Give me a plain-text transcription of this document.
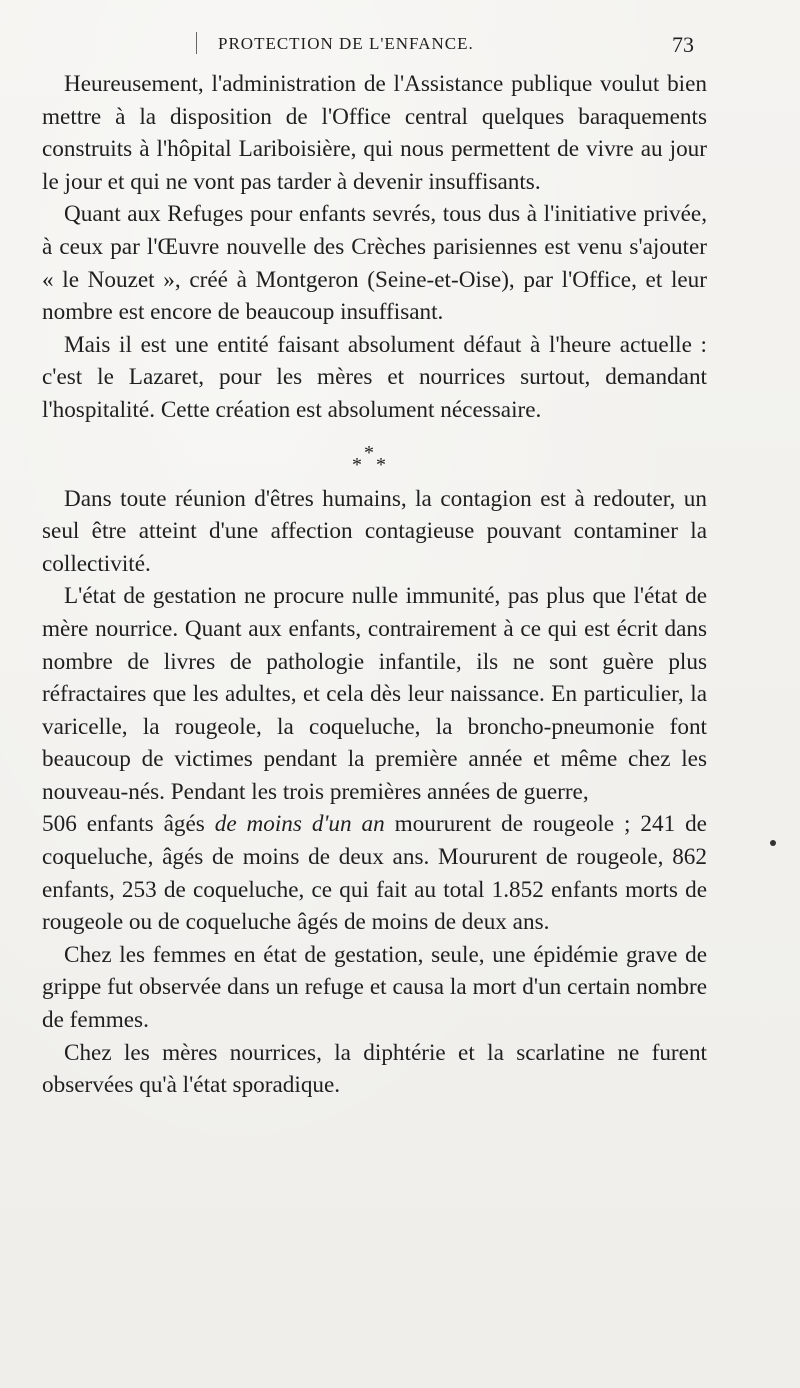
PROTECTION DE L'ENFANCE.	73

Heureusement, l'administration de l'Assistance publique voulut bien mettre à la disposition de l'Office central quelques baraquements construits à l'hôpital Lariboisière, qui nous permettent de vivre au jour le jour et qui ne vont pas tarder à devenir insuffisants.

Quant aux Refuges pour enfants sevrés, tous dus à l'initiative privée, à ceux par l'Œuvre nouvelle des Crèches parisiennes est venu s'ajouter « le Nouzet », créé à Montgeron (Seine-et-Oise), par l'Office, et leur nombre est encore de beaucoup insuffisant.

Mais il est une entité faisant absolument défaut à l'heure actuelle : c'est le Lazaret, pour les mères et nourrices surtout, demandant l'hospitalité. Cette création est absolument nécessaire.

*
* *

Dans toute réunion d'êtres humains, la contagion est à redouter, un seul être atteint d'une affection contagieuse pouvant contaminer la collectivité.

L'état de gestation ne procure nulle immunité, pas plus que l'état de mère nourrice. Quant aux enfants, contrairement à ce qui est écrit dans nombre de livres de pathologie infantile, ils ne sont guère plus réfractaires que les adultes, et cela dès leur naissance. En particulier, la varicelle, la rougeole, la coqueluche, la broncho-pneumonie font beaucoup de victimes pendant la première année et même chez les nouveau-nés. Pendant les trois premières années de guerre,

506 enfants âgés de moins d'un an moururent de rougeole ; 241 de coqueluche, âgés de moins de deux ans. Moururent de rougeole, 862 enfants, 253 de coqueluche, ce qui fait au total 1.852 enfants morts de rougeole ou de coqueluche âgés de moins de deux ans.

Chez les femmes en état de gestation, seule, une épidémie grave de grippe fut observée dans un refuge et causa la mort d'un certain nombre de femmes.

Chez les mères nourrices, la diphtérie et la scarlatine ne furent observées qu'à l'état sporadique.
